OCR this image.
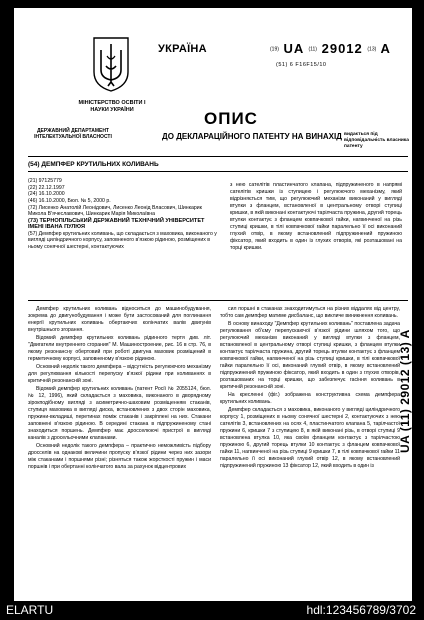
МІНІСТЕРСТВО ОСВІТИ І НАУКИ УКРАЇНИ
ДЕРЖАВНИЙ ДЕПАРТАМЕНТ ІНТЕЛЕКТУАЛЬНОЇ ВЛАСНОСТІ
УКРАЇНА	(19) UA (11) 29012 (13) A
(51) 6 F16F15/10
ОПИС
ДО ДЕКЛАРАЦІЙНОГО ПАТЕНТУ НА ВИНАХІД видається під відповідальність власника патенту
(54) ДЕМПФЕР КРУТИЛЬНИХ КОЛИВАНЬ

(21) 97125779

(22) 22.12.1997

(24) 16.10.2000

(46) 16.10.2000, Бюл. № 5, 2000 р.

(72) Лисенко Анатолій Леонідович, Лисенко Леонід Власович, Шинкарик Микола Вʼячеславович, Шинкарик Марія Миколаївна

(73) ТЕРНОПІЛЬСЬКИЙ ДЕРЖАВНИЙ ТЕХНІЧНИЙ УНІВЕРСИТЕТ ІМЕНІ ІВАНА ПУЛЮЯ

(57) Демпфер крутильних коливань, що складається з маховика, виконаного у вигляді циліндричного корпусу, заповненого вʼязкою рідиною, розміщених в ньому сонячної шестерні, контактуючих

з нею сателітів пластинчатого клапана, підпружиненого в напрямі сателітів кришки із ступицею і регулюючого механізму, який відрізняється тим, що регулюючий механізм виконаний у вигляді втулки з фланцем, встановленої в центральному отворі ступиці кришки, в якій виконані контактуючі тарілчаста пружина, другий торець втулки контактує з фланцем ковпачкової гайки, нагвинченої на різь ступиці кришки, в тілі ковпачкової гайки паралельно її осі виконаний глухий отвір, в якому встановлений підпружинений пружиною фіксатор, який входить в один із глухих отворів, які розташовані на торці кришки.

Демпфер крутильних коливань відноситься до машинобудування, зокрема до двигунобудування і може бути застосований для поглинання енергії крутильних коливань обертаючих колінчатих валів двигунів внутрішнього згорання.

Відомий демпфер крутильних коливань рідинного тертя див. літ. "Двигатели внутреннего сгорания" М. Машиностроение, рис. 16 в стр. 76, в якому резонансну обертовий при роботі двигуна маховик розміщений в герметичному корпусі, заповненому вʼязкою рідиною.

Основний недолік такого демпфера – відсутність регулюючого механізму для регулювання кількості перепуску вʼязкої рідини при коливаннях в критичній резонансній зоні.

Відомий демпфер крутильних коливань (патент Росії № 2055124, бюл. № 12, 1996), який складається з маховика, виконаного в дворядному зірокподібному вигляді з асиметрично-шаховим розміщенням стаканів, ступиця маховика в вигляді диска, встановлених з двох сторін маховика, пружини-вкладиші, перетинах поміж стаканів і закріплені на них. Стакани заповнені вʼязкою рідиною. В середині стакана в підпружиненому стані знаходиться поршень. Демпфер має дросселюючі пристрої в вигляді каналів з дросельочними клапанами.

Основний недолік такого демпфера – практично неможливість підбору дросселів на однакові величини пропуску вʼязкої рідини через них зазори між стаканами і поршнями різні; різняться також жорсткості пружин і маси поршнів і при обертанні колінчатого вала за рахунок відцентрових

сил поршні в стаканах знаходитимуться на різних віддалях від центру, тобто сам демпфер матиме дисбаланс, що викличе виникнення коливань.

В основу винаходу "Демпфер крутильних коливань" поставлена задача регулювання об'єму перепускаючої вʼязкої рідини шляхом того, що регулюючий механізм виконаний у вигляді втулки з фланцем, встановленої в центральному отворі ступиці кришки, з фланцем втулки контактує тарілчаста пружина, другий торець втулки контактує з фланцем ковпачкової гайки, нагвинченої на різь ступиці кришки, в тілі ковпачкової гайки паралельно її осі, виконаний глухий отвір, в якому встановлений підпружинений пружиною фіксатор, який входить в один з глухих отворів, розташованих на торці кришки, що забезпечує гасіння коливань в критичній резонансній зоні.

На кресленні (фіг.) зображена конструктивна схема демпфера крутильних коливань.

Демпфер складається з маховика, виконаного у вигляді циліндричного корпусу 1, розміщених в ньому сонячної шестерні 2, контактуючих з нею сателітів 3, встановлених на осях 4, пластинчатого клапана 5, тарілчастої пружини 6, кришки 7 з ступицею 8, в якій виконані різь, в отворі ступиці 9 встановлена втулка 10, яка своїм фланцем контактує з тарілчастою пружиною 6, другий торець втулки 10 контактує з фланцем ковпачкової гайки 11, нагвинченої на різь ступиці 9 кришки 7, в тілі ковпачкової гайки 11 паралельно її осі виконаний глухий отвір 12, в якому встановлений підпружинений пружиною 13 фіксатор 12, який входить в один із

UA (11) 29012 (13) A
ELARTU	hdl:123456789/3702
